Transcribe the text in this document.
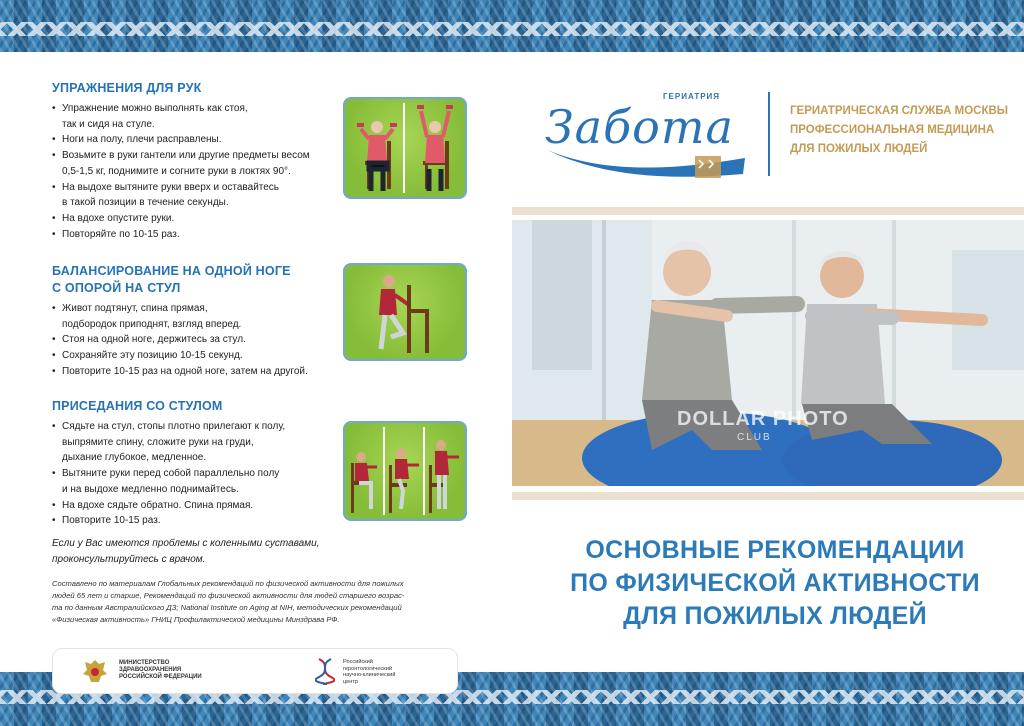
УПРАЖНЕНИЯ ДЛЯ РУК
• Упражнение можно выполнять как стоя,
так и сидя на стуле.
• Ноги на полу, плечи расправлены.
• Возьмите в руки гантели или другие предметы весом
0,5-1,5 кг, поднимите и согните руки в локтях 90°.
• На выдохе вытяните руки вверх и оставайтесь
в такой позиции в течение секунды.
• На вдохе опустите руки.
• Повторяйте по 10-15 раз.
БАЛАНСИРОВАНИЕ НА ОДНОЙ НОГЕ
С ОПОРОЙ НА СТУЛ
• Живот подтянут, спина прямая,
подбородок приподнят, взгляд вперед.
• Стоя на одной ноге, держитесь за стул.
• Сохраняйте эту позицию 10-15 секунд.
• Повторите 10-15 раз на одной ноге, затем на другой.
ПРИСЕДАНИЯ СО СТУЛОМ
• Сядьте на стул, стопы плотно прилегают к полу,
выпрямите спину, сложите руки на груди,
дыхание глубокое, медленное.
• Вытяните руки перед собой параллельно полу
и на выдохе медленно поднимайтесь.
• На вдохе сядьте обратно. Спина прямая.
• Повторите 10-15 раз.
Если у Вас имеются проблемы с коленными суставами,
проконсультируйтесь с врачом.
Составлено по материалам Глобальных рекомендаций по физической активности для пожилых
людей 65 лет и старше, Рекомендаций по физической активности для людей старшего возрас-
та по данным Австралийского ДЗ; National Institute on Aging at NIH, методических рекомендаций
«Физическая активность» ГНИЦ Профилактической медицины Минздрава РФ.
МИНИСТЕРСТВО
ЗДРАВООХРАНЕНИЯ
РОССИЙСКОЙ ФЕДЕРАЦИИ
Российский
геронтологический
научно-клинический
центр
Забота
ГЕРИАТРИЯ
ГЕРИАТРИЧЕСКАЯ СЛУЖБА МОСКВЫ
ПРОФЕССИОНАЛЬНАЯ МЕДИЦИНА
ДЛЯ ПОЖИЛЫХ ЛЮДЕЙ
DOLLAR PHOTO
CLUB
ОСНОВНЫЕ РЕКОМЕНДАЦИИ
ПО ФИЗИЧЕСКОЙ АКТИВНОСТИ
ДЛЯ ПОЖИЛЫХ ЛЮДЕЙ
